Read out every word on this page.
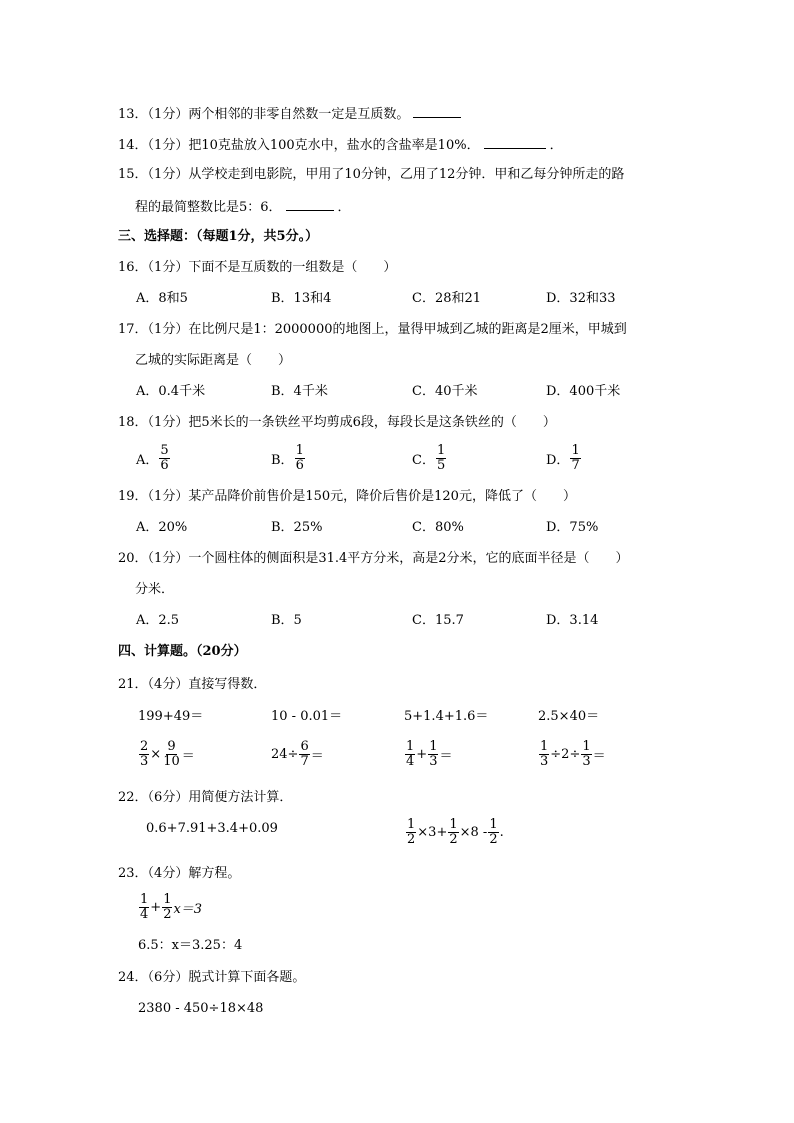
13．（1分）两个相邻的非零自然数一定是互质数。
14．（1分）把10克盐放入100克水中，盐水的含盐率是10%．	．
15．（1分）从学校走到电影院，甲用了10分钟，乙用了12分钟．甲和乙每分钟所走的路
程的最简整数比是5：6．	．
三、选择题：（每题1分，共5分。）
16．（1分）下面不是互质数的一组数是（　　）
A．8和5	B．13和4	C．28和21	D．32和33
17．（1分）在比例尺是1：2000000的地图上，量得甲城到乙城的距离是2厘米，甲城到
乙城的实际距离是（　　）
A．0.4千米	B．4千米	C．40千米	D．400千米
18．（1分）把5米长的一条铁丝平均剪成6段，每段长是这条铁丝的（　　）
A． $\frac{5}{6}$	B． $\frac{1}{6}$	C． $\frac{1}{5}$	D． $\frac{1}{7}$
19．（1分）某产品降价前售价是150元，降价后售价是120元，降低了（　　）
A．20%	B．25%	C．80%	D．75%
20．（1分）一个圆柱体的侧面积是31.4平方分米，高是2分米，它的底面半径是（　　）
分米．
A．2.5	B．5	C．15.7	D．3.14
四、计算题。（20分）
21．（4分）直接写得数．
199+49＝	10 - 0.01＝	5+1.4+1.6＝	2.5×40＝
$\frac{2}{3} \times \frac{9}{10}$ ＝	$24\div \frac{6}{7}$ ＝	$\frac{1}{4} + \frac{1}{3}$ ＝	$\frac{1}{3} \div 2\div \frac{1}{3}$ ＝
22．（6分）用简便方法计算．
0.6+7.91+3.4+0.09	$\frac{1}{2} \times 3+ \frac{1}{2} \times 8 - \frac{1}{2}$ .
23．（4分）解方程。
$\frac{1}{4} + \frac{1}{2} x=3$
6.5：x＝3.25：4
24．（6分）脱式计算下面各题。
2380 - 450÷18×48
